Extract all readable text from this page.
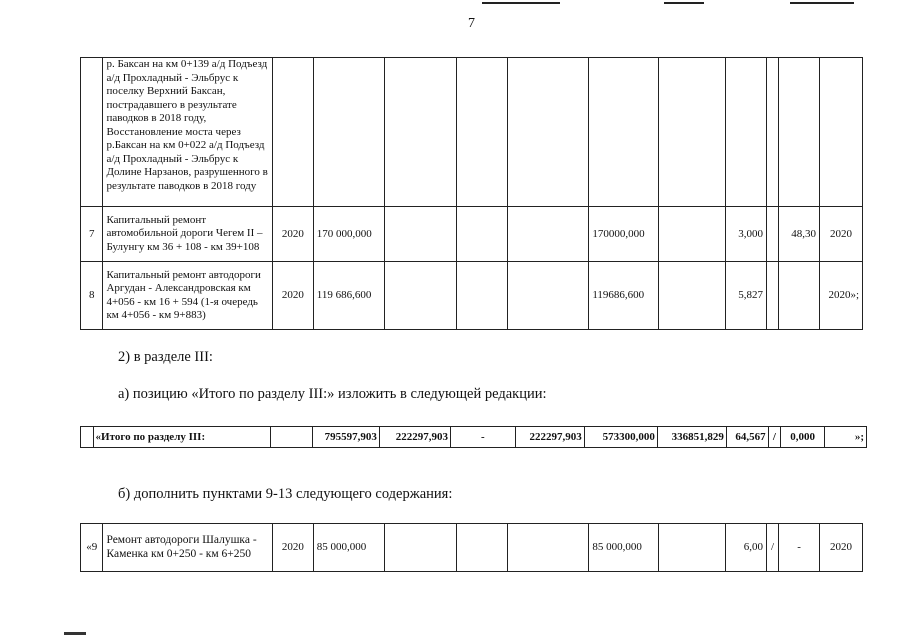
7
	р. Баксан на км 0+139 а/д Подъезд а/д Прохладный - Эльбрус к поселку Верхний Баксан, пострадавшего в результате паводков в 2018 году, Восстановление моста через р.Баксан на км 0+022 а/д Подъезд а/д Прохладный - Эльбрус к Долине Нарзанов, разрушенного в результате паводков в 2018 году											
7	Капитальный ремонт автомобильной дороги Чегем II – Булунгу км 36 + 108 - км 39+108	2020	170 000,000				170000,000		3,000		48,30	2020
8	Капитальный ремонт автодороги Аргудан - Александровская км 4+056 - км 16 + 594 (1-я очередь км 4+056 - км 9+883)	2020	119 686,600				119686,600		5,827			2020»;
2) в разделе III:
а) позицию «Итого по разделу III:» изложить в следующей редакции:
	«Итого по разделу III:		795597,903	222297,903	-	222297,903	573300,000	336851,829	64,567	/	0,000	»;
б) дополнить пунктами 9-13 следующего содержания:
«9	Ремонт автодороги Шалушка - Каменка км 0+250 - км 6+250	2020	85 000,000				85 000,000		6,00	/	-	2020
